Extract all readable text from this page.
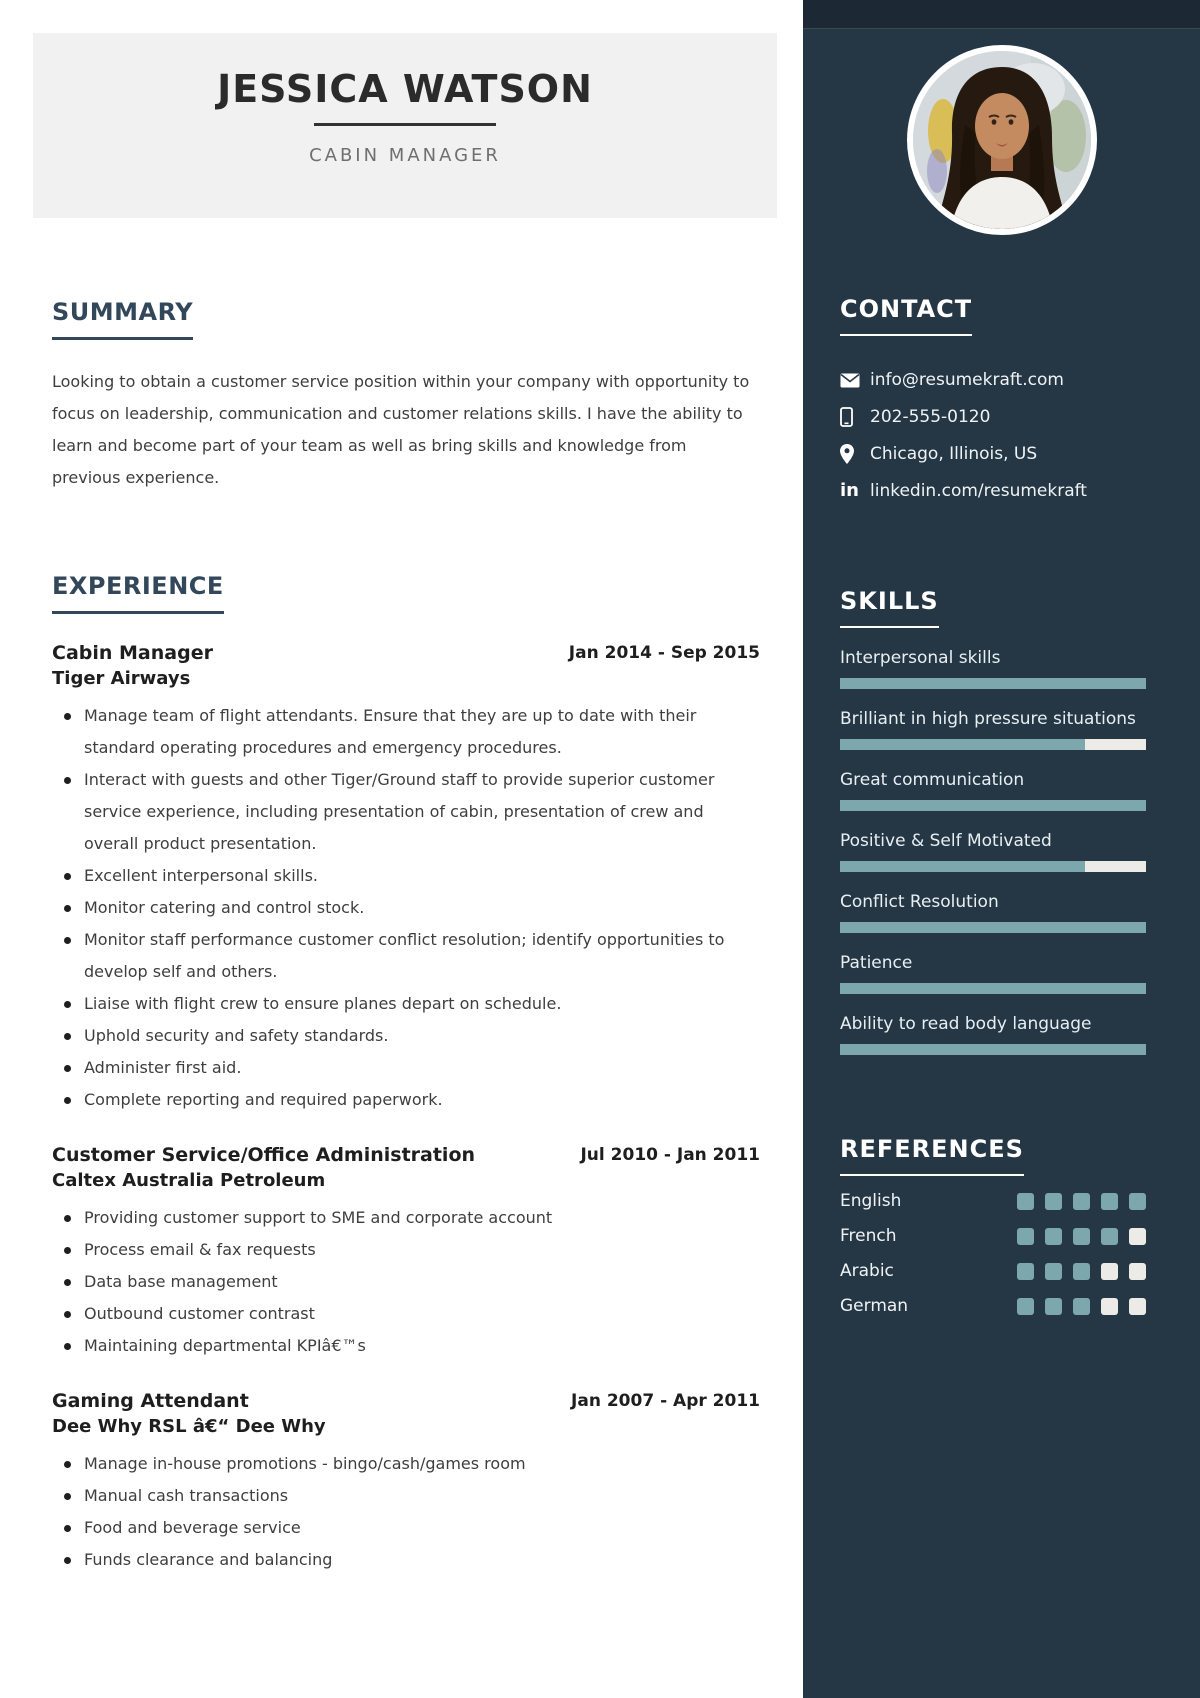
JESSICA WATSON
CABIN MANAGER
SUMMARY

Looking to obtain a customer service position within your company with opportunity to focus on leadership, communication and customer relations skills. I have the ability to learn and become part of your team as well as bring skills and knowledge from previous experience.

EXPERIENCE
Cabin Manager
Tiger Airways
Jan 2014 - Sep 2015
Manage team of flight attendants. Ensure that they are up to date with their standard operating procedures and emergency procedures.
Interact with guests and other Tiger/Ground staff to provide superior customer service experience, including presentation of cabin, presentation of crew and overall product presentation.
Excellent interpersonal skills.
Monitor catering and control stock.
Monitor staff performance customer conflict resolution; identify opportunities to develop self and others.
Liaise with flight crew to ensure planes depart on schedule.
Uphold security and safety standards.
Administer first aid.
Complete reporting and required paperwork.
Customer Service/Office Administration
Caltex Australia Petroleum
Jul 2010 - Jan 2011
Providing customer support to SME and corporate account
Process email & fax requests
Data base management
Outbound customer contrast
Maintaining departmental KPIâ€™s
Gaming Attendant
Dee Why RSL â€“ Dee Why
Jan 2007 - Apr 2011
Manage in-house promotions - bingo/cash/games room
Manual cash transactions
Food and beverage service
Funds clearance and balancing
CONTACT
info@resumekraft.com
202-555-0120
Chicago, Illinois, US
in linkedin.com/resumekraft
SKILLS
Interpersonal skills
Brilliant in high pressure situations
Great communication
Positive & Self Motivated
Conflict Resolution
Patience
Ability to read body language
REFERENCES
English
French
Arabic
German
